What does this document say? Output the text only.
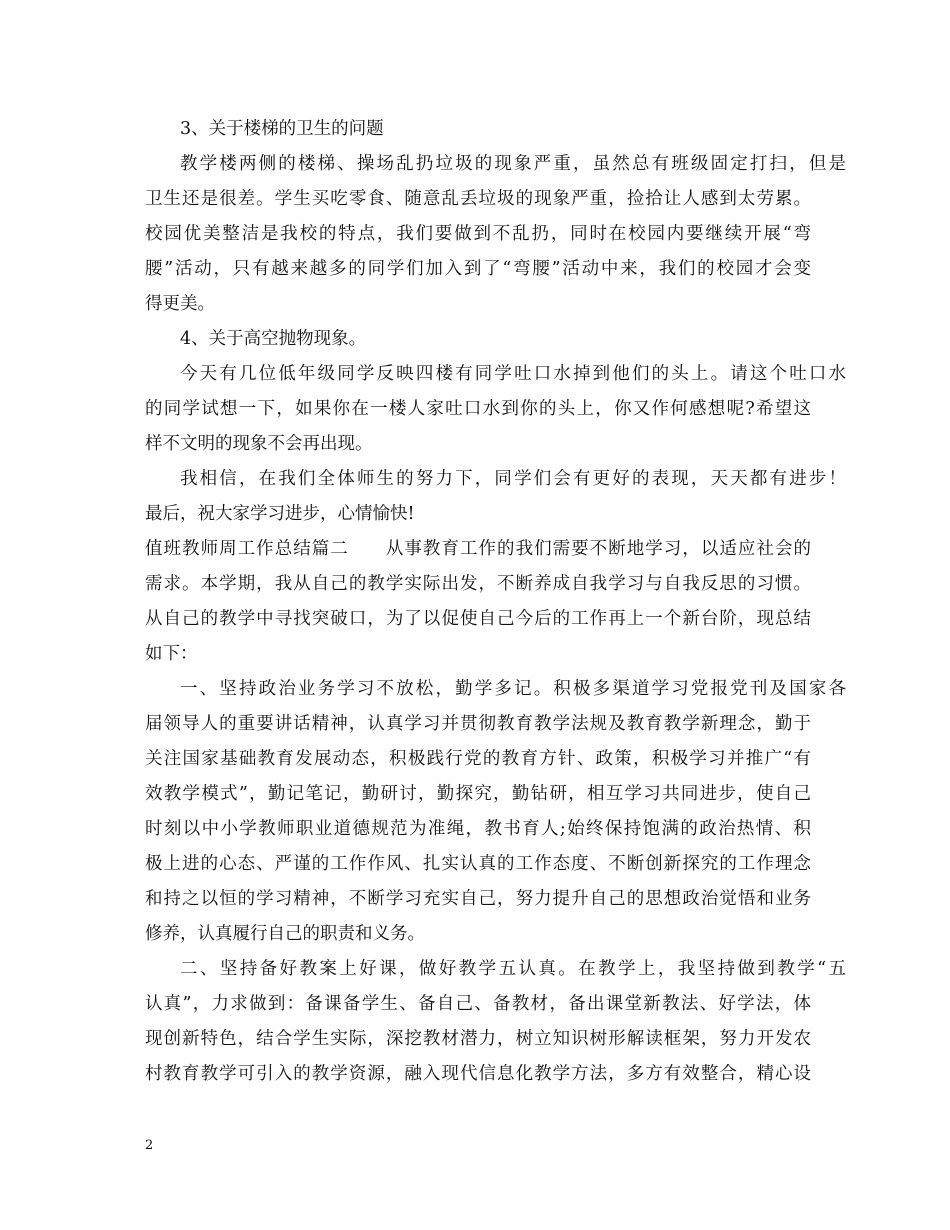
3、关于楼梯的卫生的问题
教学楼两侧的楼梯、操场乱扔垃圾的现象严重，虽然总有班级固定打扫，但是
卫生还是很差。学生买吃零食、随意乱丢垃圾的现象严重，捡拾让人感到太劳累。
校园优美整洁是我校的特点，我们要做到不乱扔，同时在校园内要继续开展“弯
腰”活动，只有越来越多的同学们加入到了“弯腰”活动中来，我们的校园才会变
得更美。
4、关于高空抛物现象。
今天有几位低年级同学反映四楼有同学吐口水掉到他们的头上。请这个吐口水
的同学试想一下，如果你在一楼人家吐口水到你的头上，你又作何感想呢?希望这
样不文明的现象不会再出现。
我相信，在我们全体师生的努力下，同学们会有更好的表现，天天都有进步！
最后，祝大家学习进步，心情愉快!
值班教师周工作总结篇二　　从事教育工作的我们需要不断地学习，以适应社会的
需求。本学期，我从自己的教学实际出发，不断养成自我学习与自我反思的习惯。
从自己的教学中寻找突破口，为了以促使自己今后的工作再上一个新台阶，现总结
如下：
一、坚持政治业务学习不放松，勤学多记。积极多渠道学习党报党刊及国家各
届领导人的重要讲话精神，认真学习并贯彻教育教学法规及教育教学新理念，勤于
关注国家基础教育发展动态，积极践行党的教育方针、政策，积极学习并推广“有
效教学模式”，勤记笔记，勤研讨，勤探究，勤钻研，相互学习共同进步，使自己
时刻以中小学教师职业道德规范为准绳，教书育人;始终保持饱满的政治热情、积
极上进的心态、严谨的工作作风、扎实认真的工作态度、不断创新探究的工作理念
和持之以恒的学习精神，不断学习充实自己，努力提升自己的思想政治觉悟和业务
修养，认真履行自己的职责和义务。
二、坚持备好教案上好课，做好教学五认真。在教学上，我坚持做到教学“五
认真”，力求做到：备课备学生、备自己、备教材，备出课堂新教法、好学法，体
现创新特色，结合学生实际，深挖教材潜力，树立知识树形解读框架，努力开发农
村教育教学可引入的教学资源，融入现代信息化教学方法，多方有效整合，精心设
2
